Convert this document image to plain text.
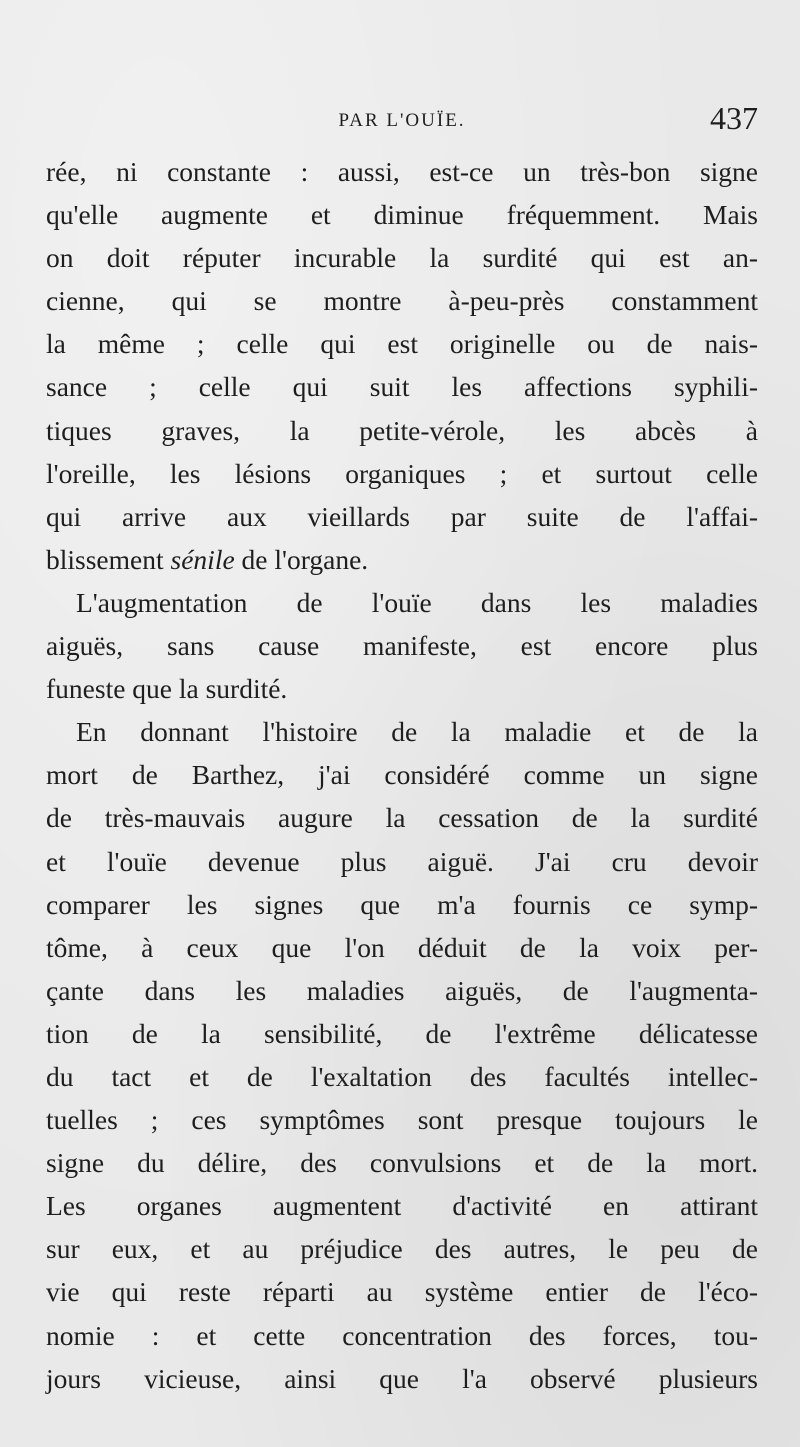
PAR L'OUÏE.	437
rée, ni constante : aussi, est-ce un très-bon signe
qu'elle augmente et diminue fréquemment. Mais
on doit réputer incurable la surdité qui est an-
cienne, qui se montre à-peu-près constamment
la même ; celle qui est originelle ou de nais-
sance ; celle qui suit les affections syphili-
tiques graves, la petite-vérole, les abcès à
l'oreille, les lésions organiques ; et surtout celle
qui arrive aux vieillards par suite de l'affai-
blissement sénile de l'organe.
L'augmentation de l'ouïe dans les maladies
aiguës, sans cause manifeste, est encore plus
funeste que la surdité.
En donnant l'histoire de la maladie et de la
mort de Barthez, j'ai considéré comme un signe
de très-mauvais augure la cessation de la surdité
et l'ouïe devenue plus aiguë. J'ai cru devoir
comparer les signes que m'a fournis ce symp-
tôme, à ceux que l'on déduit de la voix per-
çante dans les maladies aiguës, de l'augmenta-
tion de la sensibilité, de l'extrême délicatesse
du tact et de l'exaltation des facultés intellec-
tuelles ; ces symptômes sont presque toujours le
signe du délire, des convulsions et de la mort.
Les organes augmentent d'activité en attirant
sur eux, et au préjudice des autres, le peu de
vie qui reste réparti au système entier de l'éco-
nomie : et cette concentration des forces, tou-
jours vicieuse, ainsi que l'a observé plusieurs
